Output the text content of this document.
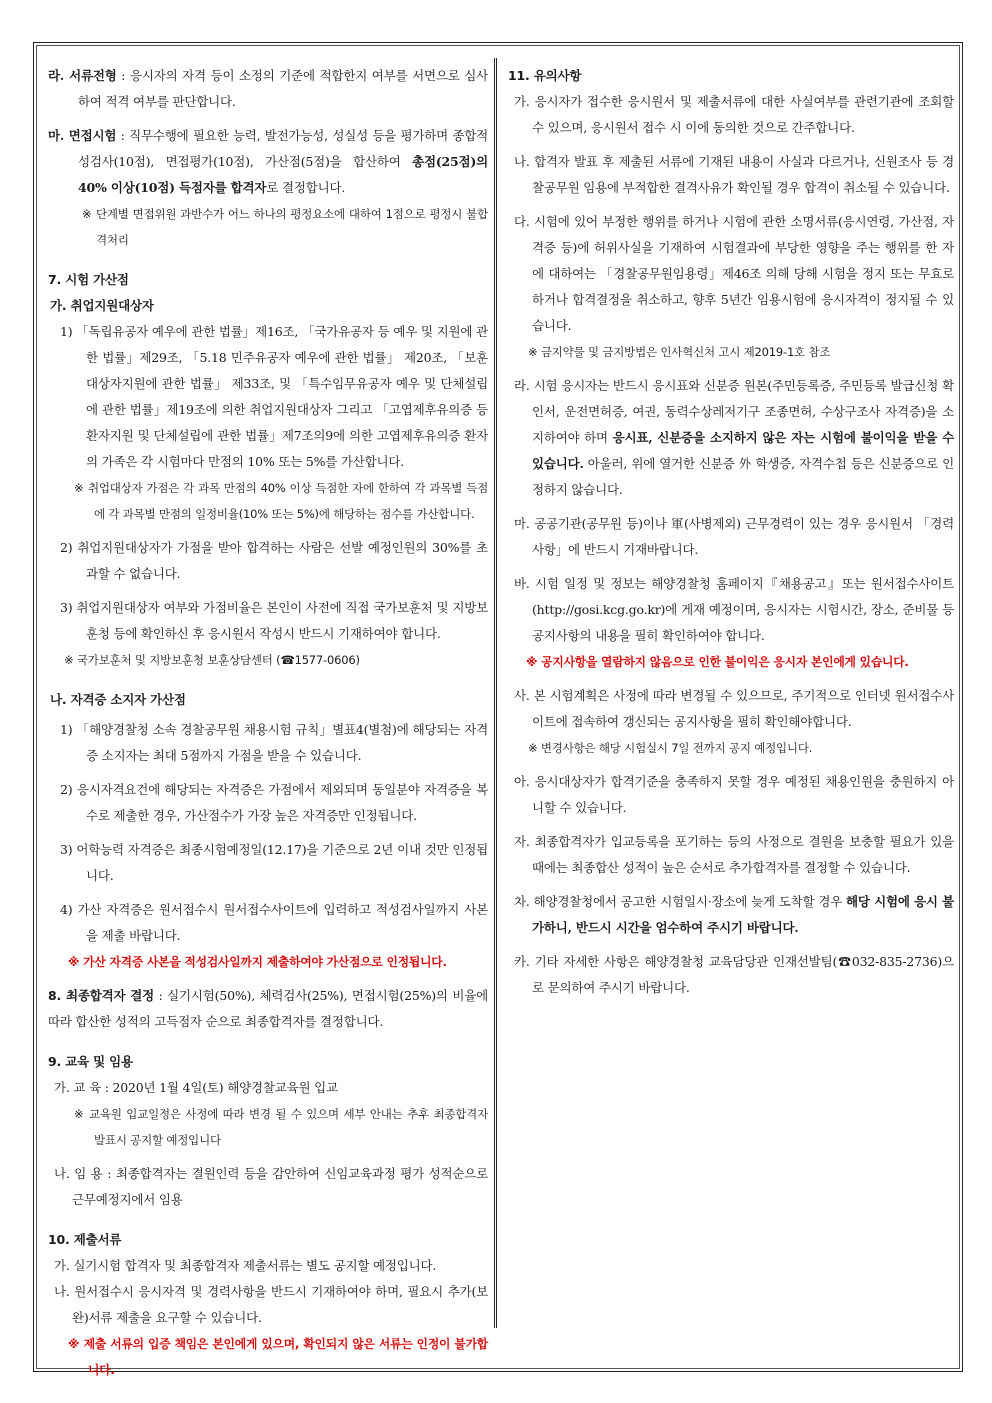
라. 서류전형 : 응시자의 자격 등이 소정의 기준에 적합한지 여부를 서면으로 심사하여 적격 여부를 판단합니다.

마. 면접시험 : 직무수행에 필요한 능력, 발전가능성, 성실성 등을 평가하며 종합적성검사(10점), 면접평가(10점), 가산점(5점)을 합산하여 총점(25점)의 40% 이상(10점) 득점자를 합격자로 결정합니다.

※ 단계별 면접위원 과반수가 어느 하나의 평정요소에 대하여 1점으로 평정시 불합격처리

7. 시험 가산점

가. 취업지원대상자

1) 「독립유공자 예우에 관한 법률」제16조, 「국가유공자 등 예우 및 지원에 관한 법률」제29조, 「5.18 민주유공자 예우에 관한 법률」 제20조, 「보훈대상자지원에 관한 법률」 제33조, 및 「특수임무유공자 예우 및 단체설립에 관한 법률」제19조에 의한 취업지원대상자 그리고 「고엽제후유의증 등 환자지원 및 단체설립에 관한 법률」제7조의9에 의한 고엽제후유의증 환자의 가족은 각 시험마다 만점의 10% 또는 5%를 가산합니다.

※ 취업대상자 가점은 각 과목 만점의 40% 이상 득점한 자에 한하여 각 과목별 득점에 각 과목별 만점의 일정비율(10% 또는 5%)에 해당하는 점수를 가산합니다.

2) 취업지원대상자가 가점을 받아 합격하는 사람은 선발 예정인원의 30%를 초과할 수 없습니다.

3) 취업지원대상자 여부와 가점비율은 본인이 사전에 직접 국가보훈처 및 지방보훈청 등에 확인하신 후 응시원서 작성시 반드시 기재하여야 합니다.

※ 국가보훈처 및 지방보훈청 보훈상담센터 (☎1577-0606)

나. 자격증 소지자 가산점

1) 「해양경찰청 소속 경찰공무원 채용시험 규칙」별표4(별첨)에 해당되는 자격증 소지자는 최대 5점까지 가점을 받을 수 있습니다.

2) 응시자격요건에 해당되는 자격증은 가점에서 제외되며 동일분야 자격증을 복수로 제출한 경우, 가산점수가 가장 높은 자격증만 인정됩니다.

3) 어학능력 자격증은 최종시험예정일(12.17)을 기준으로 2년 이내 것만 인정됩니다.

4) 가산 자격증은 원서접수시 원서접수사이트에 입력하고 적성검사일까지 사본을 제출 바랍니다.

※ 가산 자격증 사본을 적성검사일까지 제출하여야 가산점으로 인정됩니다.

8. 최종합격자 결정 : 실기시험(50%), 체력검사(25%), 면접시험(25%)의 비율에 따라 합산한 성적의 고득점자 순으로 최종합격자를 결정합니다.

9. 교육 및 임용

가. 교 육 : 2020년 1월 4일(토) 해양경찰교육원 입교

※ 교육원 입교일정은 사정에 따라 변경 될 수 있으며 세부 안내는 추후 최종합격자 발표시 공지할 예정입니다

나. 임 용 : 최종합격자는 결원인력 등을 감안하여 신임교육과정 평가 성적순으로 근무예정지에서 임용

10. 제출서류

가. 실기시험 합격자 및 최종합격자 제출서류는 별도 공지할 예정입니다.

나. 원서접수시 응시자격 및 경력사항을 반드시 기재하여야 하며, 필요시 추가(보완)서류 제출을 요구할 수 있습니다.

※ 제출 서류의 입증 책임은 본인에게 있으며, 확인되지 않은 서류는 인정이 불가합니다.

11. 유의사항

가. 응시자가 접수한 응시원서 및 제출서류에 대한 사실여부를 관련기관에 조회할 수 있으며, 응시원서 접수 시 이에 동의한 것으로 간주합니다.

나. 합격자 발표 후 제출된 서류에 기재된 내용이 사실과 다르거나, 신원조사 등 경찰공무원 임용에 부적합한 결격사유가 확인될 경우 합격이 취소될 수 있습니다.

다. 시험에 있어 부정한 행위를 하거나 시험에 관한 소명서류(응시연령, 가산점, 자격증 등)에 허위사실을 기재하여 시험결과에 부당한 영향을 주는 행위를 한 자에 대하여는 「경찰공무원임용령」제46조 의해 당해 시험을 정지 또는 무효로 하거나 합격결정을 취소하고, 향후 5년간 임용시험에 응시자격이 정지될 수 있습니다.

※ 금지약물 및 금지방법은 인사혁신처 고시 제2019-1호 참조

라. 시험 응시자는 반드시 응시표와 신분증 원본(주민등록증, 주민등록 발급신청 확인서, 운전면허증, 여권, 동력수상레저기구 조종면허, 수상구조사 자격증)을 소지하여야 하며 응시표, 신분증을 소지하지 않은 자는 시험에 불이익을 받을 수 있습니다. 아울러, 위에 열거한 신분증 外 학생증, 자격수첩 등은 신분증으로 인정하지 않습니다.

마. 공공기관(공무원 등)이나 軍(사병제외) 근무경력이 있는 경우 응시원서 「경력사항」에 반드시 기재바랍니다.

바. 시험 일정 및 정보는 해양경찰청 홈페이지『채용공고』또는 원서접수사이트(http://gosi.kcg.go.kr)에 게재 예정이며, 응시자는 시험시간, 장소, 준비물 등 공지사항의 내용을 필히 확인하여야 합니다.

※ 공지사항을 열람하지 않음으로 인한 불이익은 응시자 본인에게 있습니다.

사. 본 시험계획은 사정에 따라 변경될 수 있으므로, 주기적으로 인터넷 원서접수사이트에 접속하여 갱신되는 공지사항을 필히 확인해야합니다.

※ 변경사항은 해당 시험실시 7일 전까지 공지 예정입니다.

아. 응시대상자가 합격기준을 충족하지 못할 경우 예정된 채용인원을 충원하지 아니할 수 있습니다.

자. 최종합격자가 입교등록을 포기하는 등의 사정으로 결원을 보충할 필요가 있을 때에는 최종합산 성적이 높은 순서로 추가합격자를 결정할 수 있습니다.

차. 해양경찰청에서 공고한 시험일시·장소에 늦게 도착할 경우 해당 시험에 응시 불가하니, 반드시 시간을 엄수하여 주시기 바랍니다.

카. 기타 자세한 사항은 해양경찰청 교육담당관 인재선발팀(☎032-835-2736)으로 문의하여 주시기 바랍니다.
